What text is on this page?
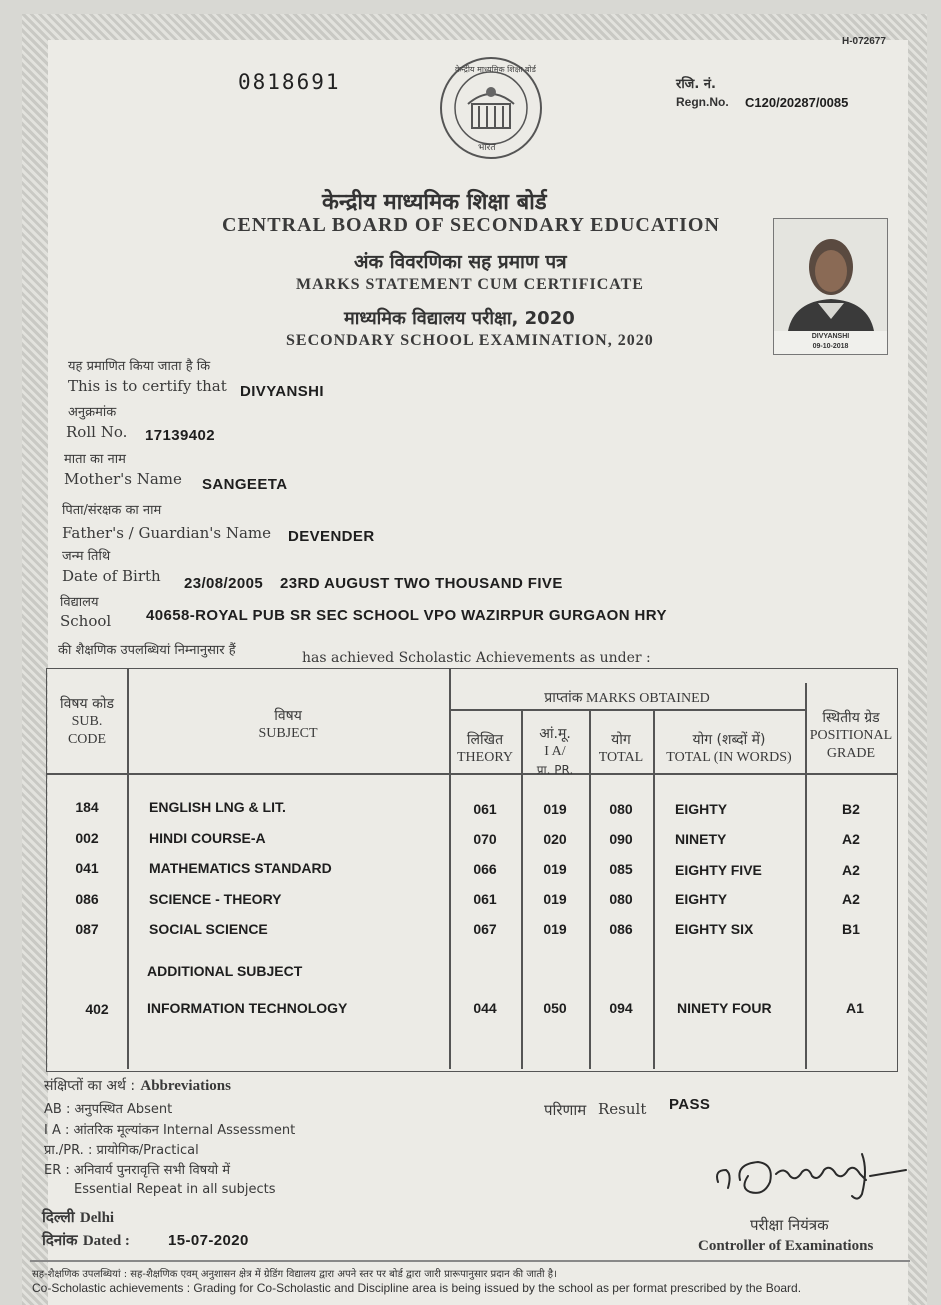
H-072677
0818691	रजि. नं.
Regn.No. C120/20287/0085
केन्द्रीय माध्यमिक शिक्षा बोर्ड
भारत
केन्द्रीय माध्यमिक शिक्षा बोर्ड
CENTRAL BOARD OF SECONDARY EDUCATION
अंक विवरणिका सह प्रमाण पत्र
MARKS STATEMENT CUM CERTIFICATE
माध्यमिक विद्यालय परीक्षा, 2020
SECONDARY SCHOOL EXAMINATION, 2020	DIVYANSHI
09-10-2018
यह प्रमाणित किया जाता है कि
This is to certify that DIVYANSHI
अनुक्रमांक
Roll No. 17139402
माता का नाम
Mother's Name SANGEETA
पिता/संरक्षक का नाम
Father's / Guardian's Name DEVENDER
जन्म तिथि
Date of Birth 23/08/2005 23RD AUGUST TWO THOUSAND FIVE
विद्यालय
School 40658-ROYAL PUB SR SEC SCHOOL VPO WAZIRPUR GURGAON HRY
की शैक्षणिक उपलब्धियां निम्नानुसार हैं	has achieved Scholastic Achievements as under :
विषय कोड
SUB.
CODE
विषय
SUBJECT
प्राप्तांक MARKS OBTAINED
लिखित
THEORY
आं.मू.
I A/
प्रा. PR.
योग
TOTAL
योग (शब्दों में)
TOTAL (IN WORDS)
स्थितीय ग्रेड
POSITIONAL
GRADE
184	ENGLISH LNG & LIT.	061	019	080	EIGHTY	B2
002	HINDI COURSE-A	070	020	090	NINETY	A2
041	MATHEMATICS STANDARD	066	019	085	EIGHTY FIVE	A2
086	SCIENCE - THEORY	061	019	080	EIGHTY	A2
087	SOCIAL SCIENCE	067	019	086	EIGHTY SIX	B1
ADDITIONAL SUBJECT
402	INFORMATION TECHNOLOGY	044	050	094	NINETY FOUR	A1
संक्षिप्तों का अर्थ : Abbreviations
AB : अनुपस्थित Absent
I A : आंतरिक मूल्यांकन Internal Assessment
प्रा./PR. : प्रायोगिक/Practical
ER : अनिवार्य पुनरावृत्ति सभी विषयो में
Essential Repeat in all subjects
परिणाम Result PASS
दिल्ली Delhi
दिनांक Dated :	15-07-2020
परीक्षा नियंत्रक
Controller of Examinations
सह-शैक्षणिक उपलब्धियां : सह-शैक्षणिक एवम् अनुशासन क्षेत्र में ग्रेडिंग विद्यालय द्वारा अपने स्तर पर बोर्ड द्वारा जारी प्रारूपानुसार प्रदान की जाती है।
Co-Scholastic achievements : Grading for Co-Scholastic and Discipline area is being issued by the school as per format prescribed by the Board.
